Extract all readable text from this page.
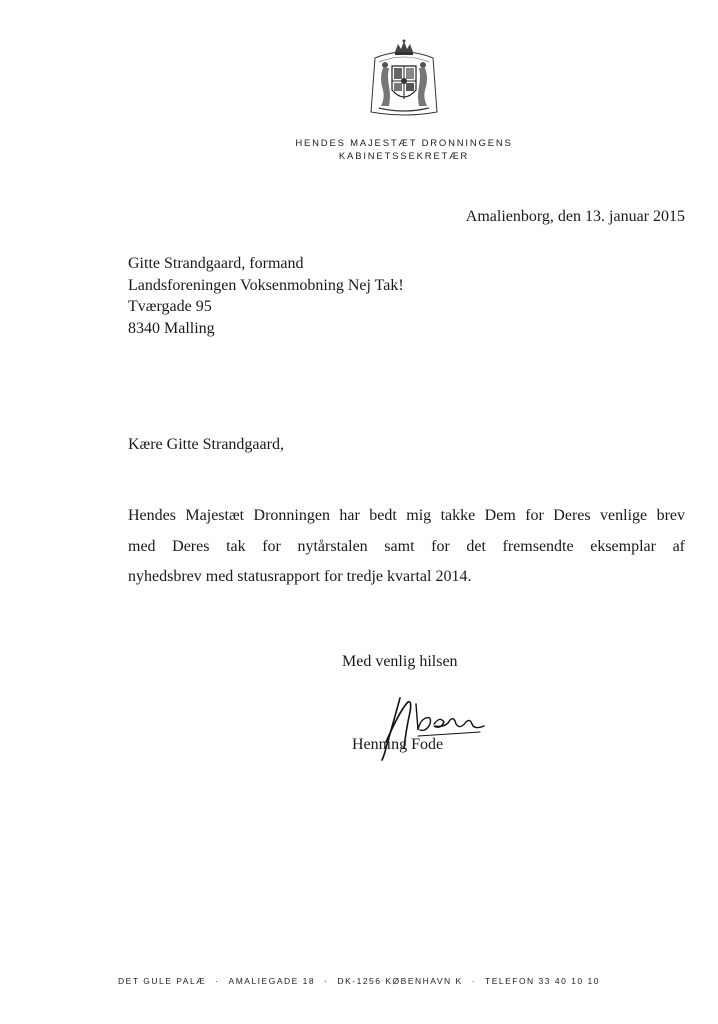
HENDES MAJESTÆT DRONNINGENS
KABINETSSEKRETÆR
Amalienborg, den 13. januar 2015
Gitte Strandgaard, formand
Landsforeningen Voksenmobning Nej Tak!
Tværgade 95
8340 Malling
Kære Gitte Strandgaard,
Hendes Majestæt Dronningen har bedt mig takke Dem for Deres venlige brev
med Deres tak for nytårstalen samt for det fremsendte eksemplar af
nyhedsbrev med statusrapport for tredje kvartal 2014.
Med venlig hilsen
Henning Fode
DET GULE PALÆ · AMALIEGADE 18 · DK-1256 KØBENHAVN K · TELEFON 33 40 10 10
